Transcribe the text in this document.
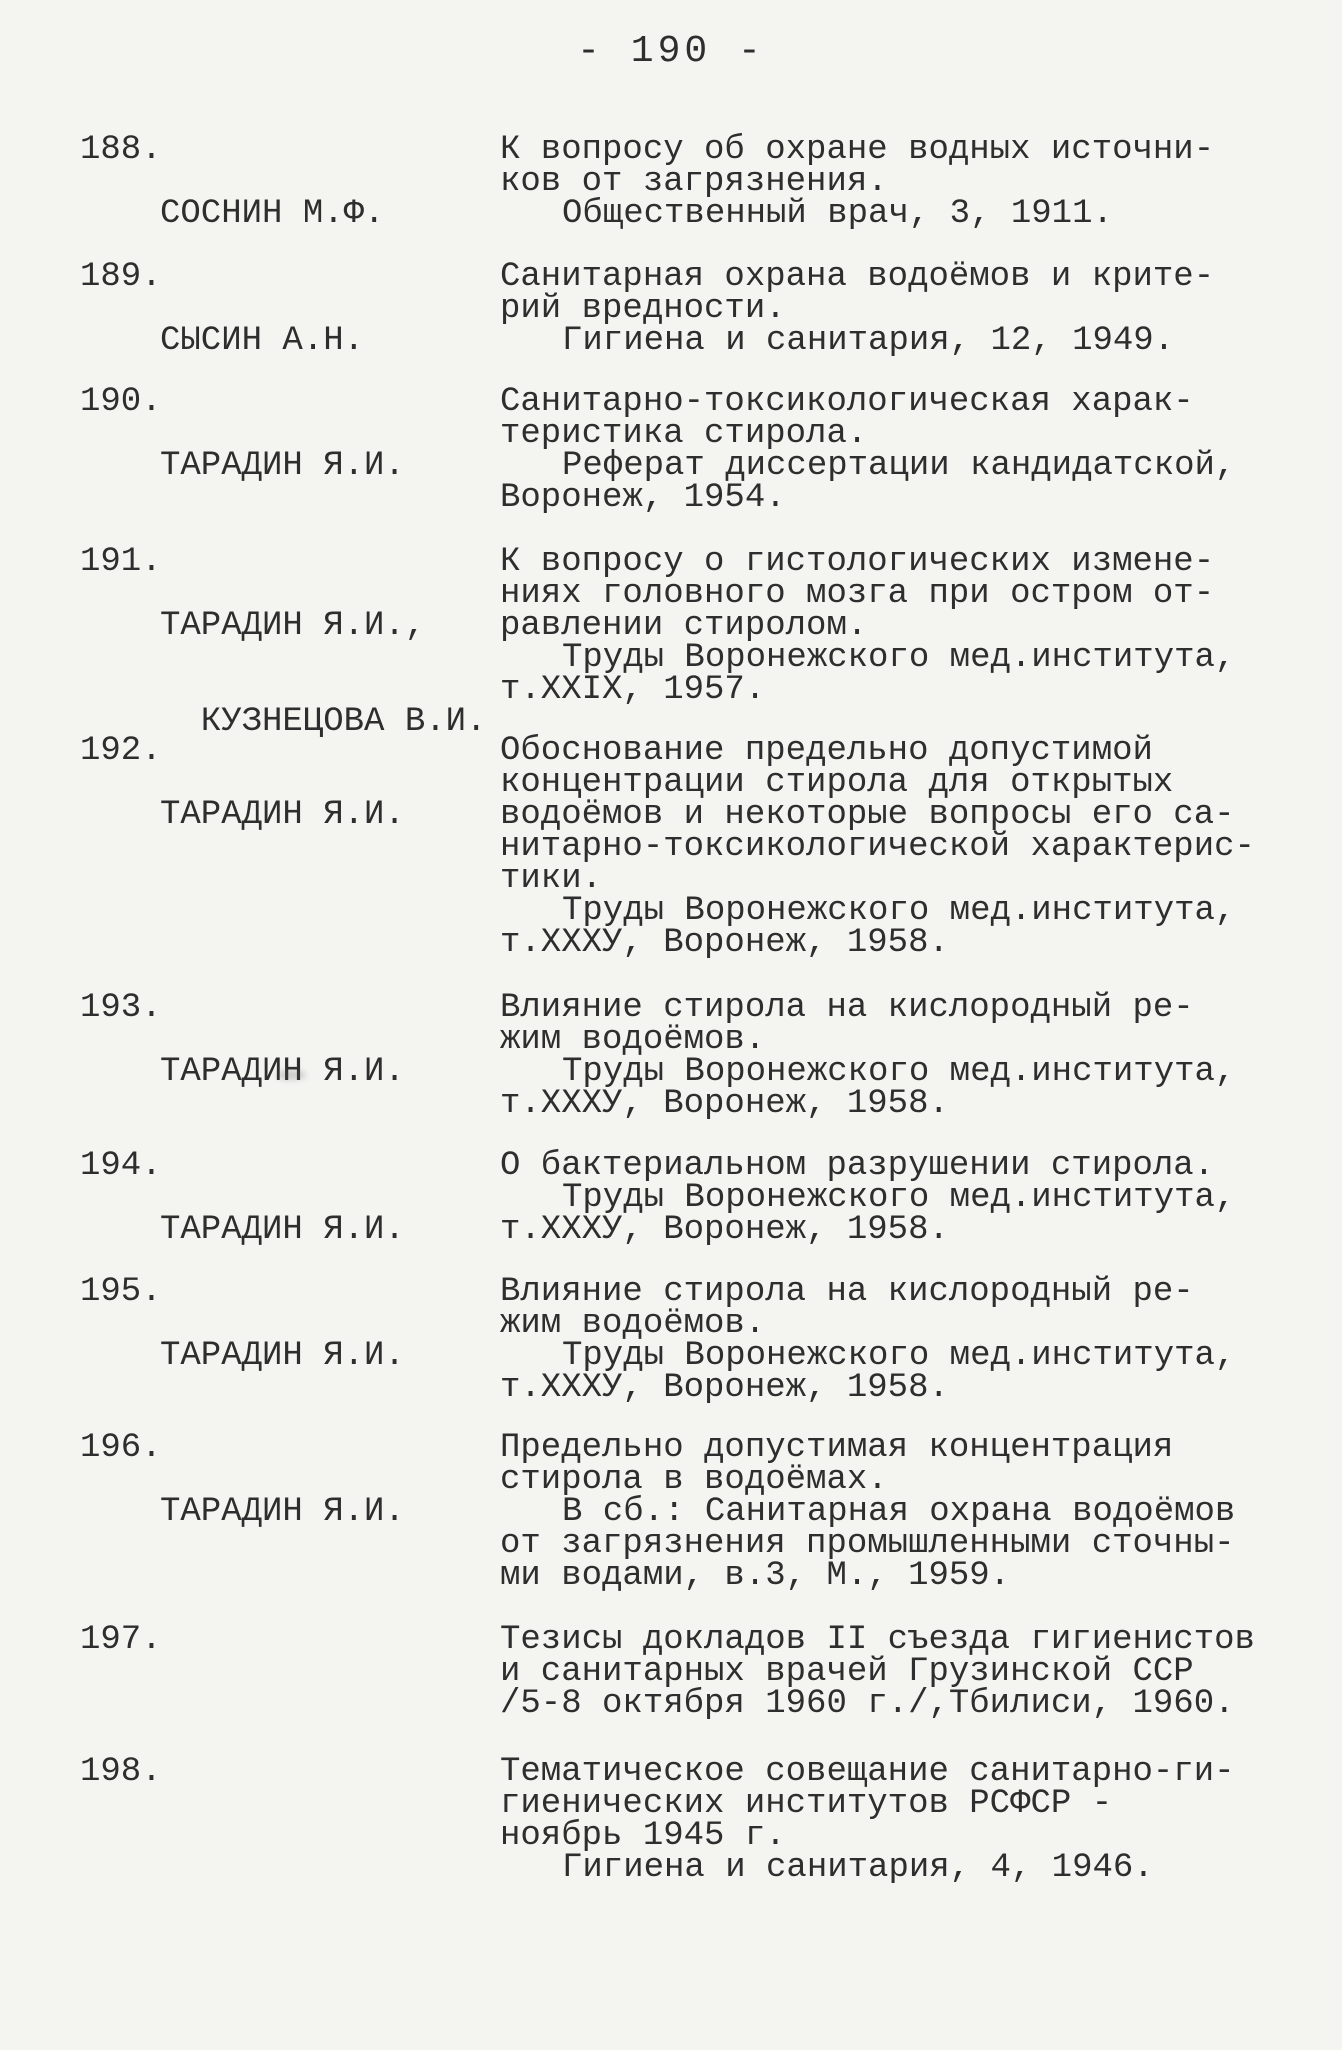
- 190 -
188.

СОСНИН М.Ф.

К вопросу об охране водных источни-
ков от загрязнения.
Общественный врач, 3, 1911.
189.

СЫСИН А.Н.

Санитарная охрана водоёмов и крите-
рий вредности.
Гигиена и санитария, 12, 1949.
190.

ТАРАДИН Я.И.

Санитарно-токсикологическая харак-
теристика стирола.
Реферат диссертации кандидатской,
Воронеж, 1954.
191.

ТАРАДИН Я.И.,

КУЗНЕЦОВА В.И.

К вопросу о гистологических измене-
ниях головного мозга при остром от-
равлении стиролом.
Труды Воронежского мед.института,
т.XXIX, 1957.
192.

ТАРАДИН Я.И.

Обоснование предельно допустимой
концентрации стирола для открытых
водоёмов и некоторые вопросы его са-
нитарно-токсикологической характерис-
тики.
Труды Воронежского мед.института,
т.XXXУ, Воронеж, 1958.
193.

ТАРАДИН Я.И.

Влияние стирола на кислородный ре-
жим водоёмов.
Труды Воронежского мед.института,
т.XXXУ, Воронеж, 1958.
194.

ТАРАДИН Я.И.

О бактериальном разрушении стирола.
Труды Воронежского мед.института,
т.XXXУ, Воронеж, 1958.
195.

ТАРАДИН Я.И.

Влияние стирола на кислородный ре-
жим водоёмов.
Труды Воронежского мед.института,
т.XXXУ, Воронеж, 1958.
196.

ТАРАДИН Я.И.

Предельно допустимая концентрация
стирола в водоёмах.
В сб.: Санитарная охрана водоёмов
от загрязнения промышленными сточны-
ми водами, в.3, М., 1959.
197.	Тезисы докладов II съезда гигиенистов
и санитарных врачей Грузинской ССР
/5-8 октября 1960 г./,Тбилиси, 1960.
198.	Тематическое совещание санитарно-ги-
гиенических институтов РСФСР -
ноябрь 1945 г.
Гигиена и санитария, 4, 1946.
